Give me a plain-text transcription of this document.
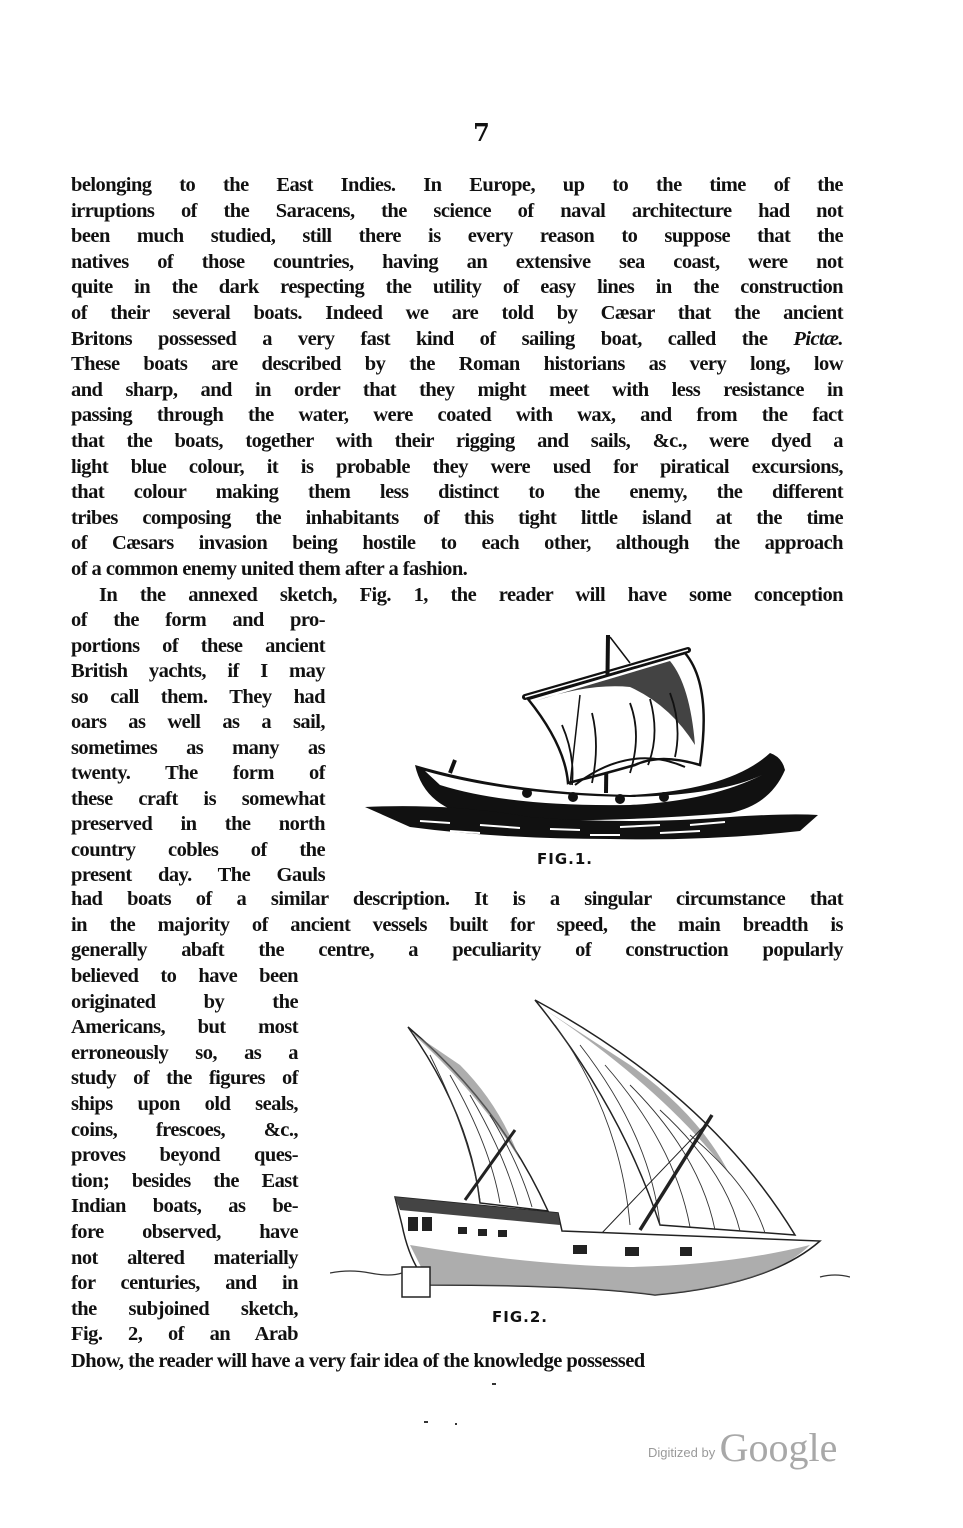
7
belonging to the East Indies. In Europe, up to the time of the
irruptions of the Saracens, the science of naval architecture had not
been much studied, still there is every reason to suppose that the
natives of those countries, having an extensive sea coast, were not
quite in the dark respecting the utility of easy lines in the construction
of their several boats. Indeed we are told by Cæsar that the ancient
Britons possessed a very fast kind of sailing boat, called the Pictæ.
These boats are described by the Roman historians as very long, low
and sharp, and in order that they might meet with less resistance in
passing through the water, were coated with wax, and from the fact
that the boats, together with their rigging and sails, &c., were dyed a
light blue colour, it is probable they were used for piratical excursions,
that colour making them less distinct to the enemy, the different
tribes composing the inhabitants of this tight little island at the time
of Cæsars invasion being hostile to each other, although the approach
of a common enemy united them after a fashion.
In the annexed sketch, Fig. 1, the reader will have some conception
of the form and pro-
portions of these ancient
British yachts, if I may
so call them. They had
oars as well as a sail,
sometimes as many as
twenty. The form of
these craft is somewhat
preserved in the north
country cobles of the
present day. The Gauls
had boats of a similar description. It is a singular circumstance that
in the majority of ancient vessels built for speed, the main breadth is
generally abaft the centre, a peculiarity of construction popularly
believed to have been
originated by the
Americans, but most
erroneously so, as a
study of the figures of
ships upon old seals,
coins, frescoes, &c.,
proves beyond ques-
tion; besides the East
Indian boats, as be-
fore observed, have
not altered materially
for centuries, and in
the subjoined sketch,
Fig. 2, of an Arab
Dhow, the reader will have a very fair idea of the knowledge possessed
FIG.1.
FIG.2.
$^{Digitized by}$ Google
